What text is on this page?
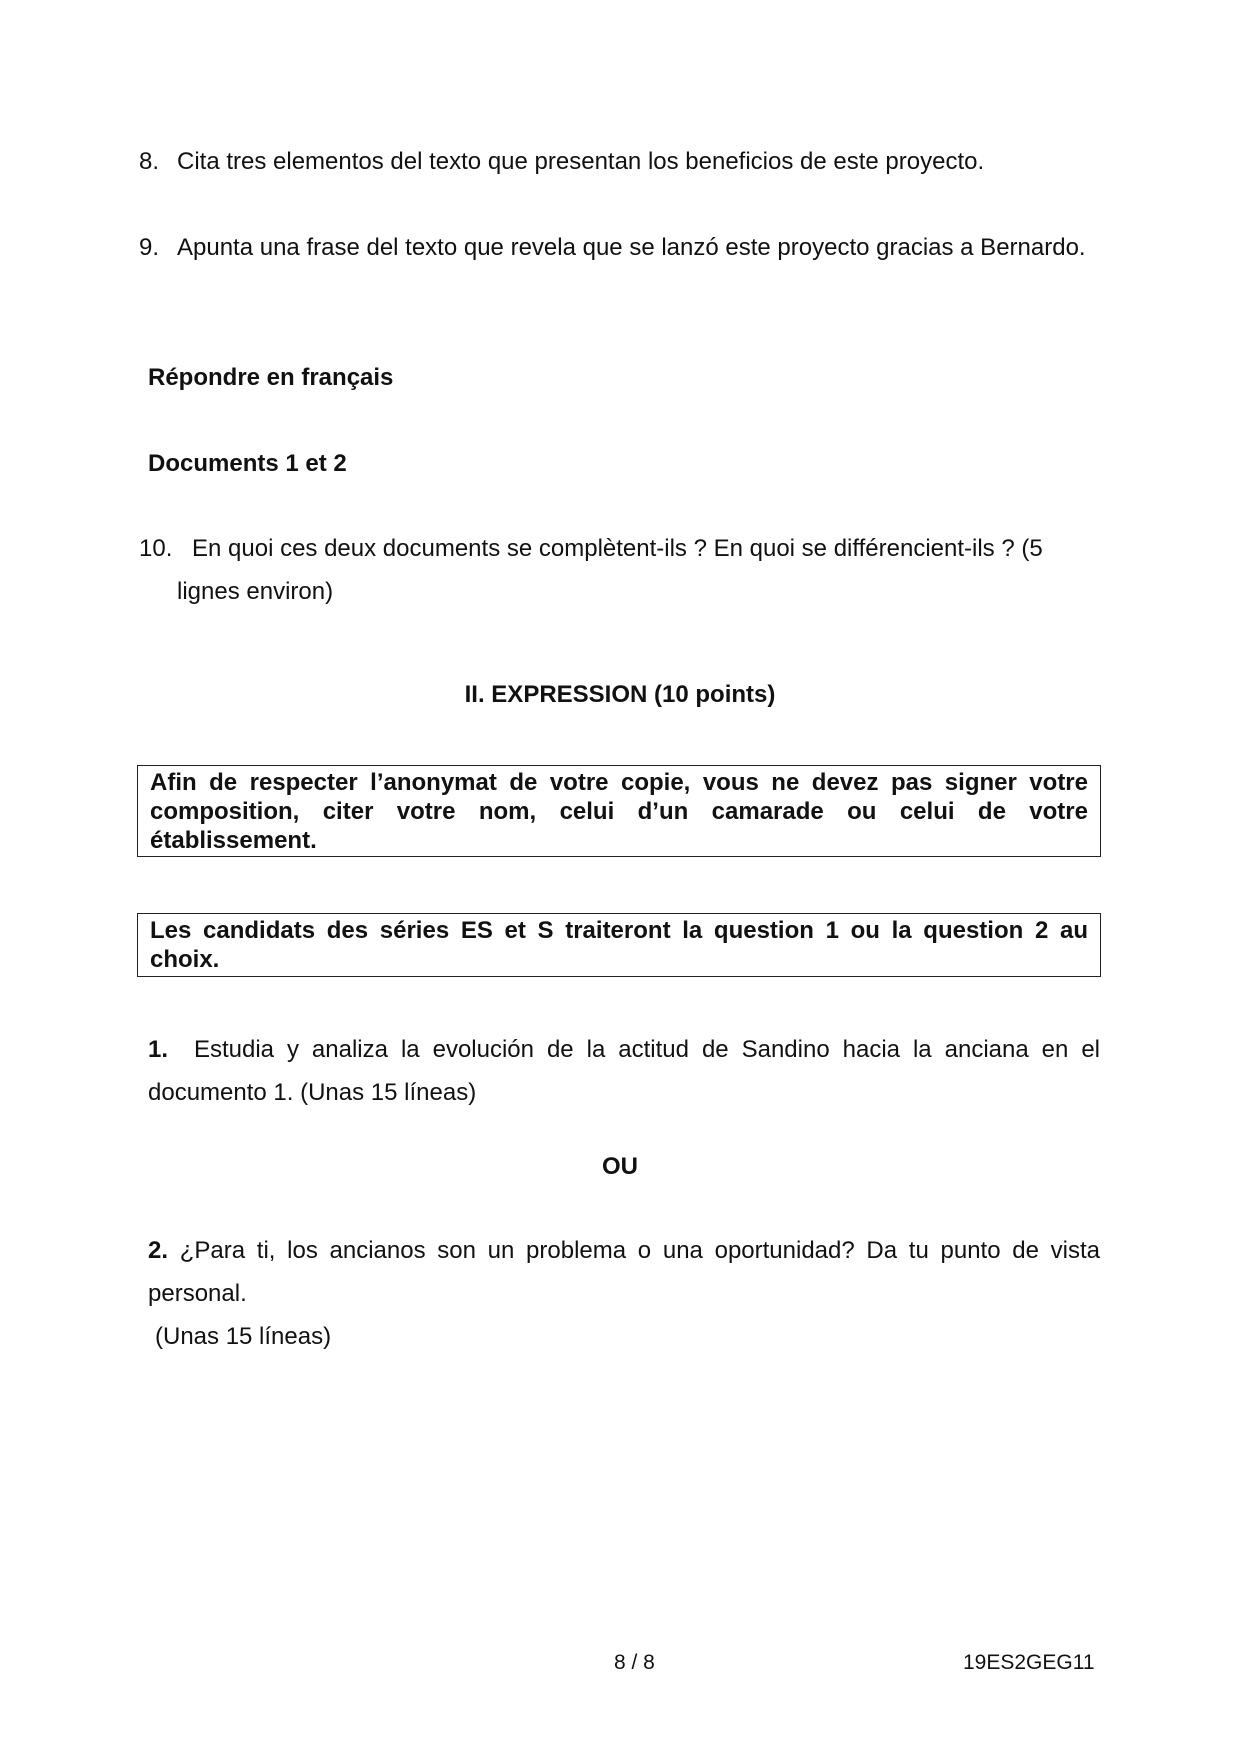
8. Cita tres elementos del texto que presentan los beneficios de este proyecto.

9. Apunta una frase del texto que revela que se lanzó este proyecto gracias a Bernardo.

Répondre en français

Documents 1 et 2

10. En quoi ces deux documents se complètent-ils ? En quoi se différencient-ils ? (5 lignes environ)

II. EXPRESSION (10 points)
Afin de respecter l’anonymat de votre copie, vous ne devez pas signer votre composition, citer votre nom, celui d’un camarade ou celui de votre établissement.
Les candidats des séries ES et S traiteront la question 1 ou la question 2 au choix.

1. Estudia y analiza la evolución de la actitud de Sandino hacia la anciana en el documento 1. (Unas 15 líneas)

OU

2. ¿Para ti, los ancianos son un problema o una oportunidad? Da tu punto de vista personal.

(Unas 15 líneas)

8 / 8	19ES2GEG11
